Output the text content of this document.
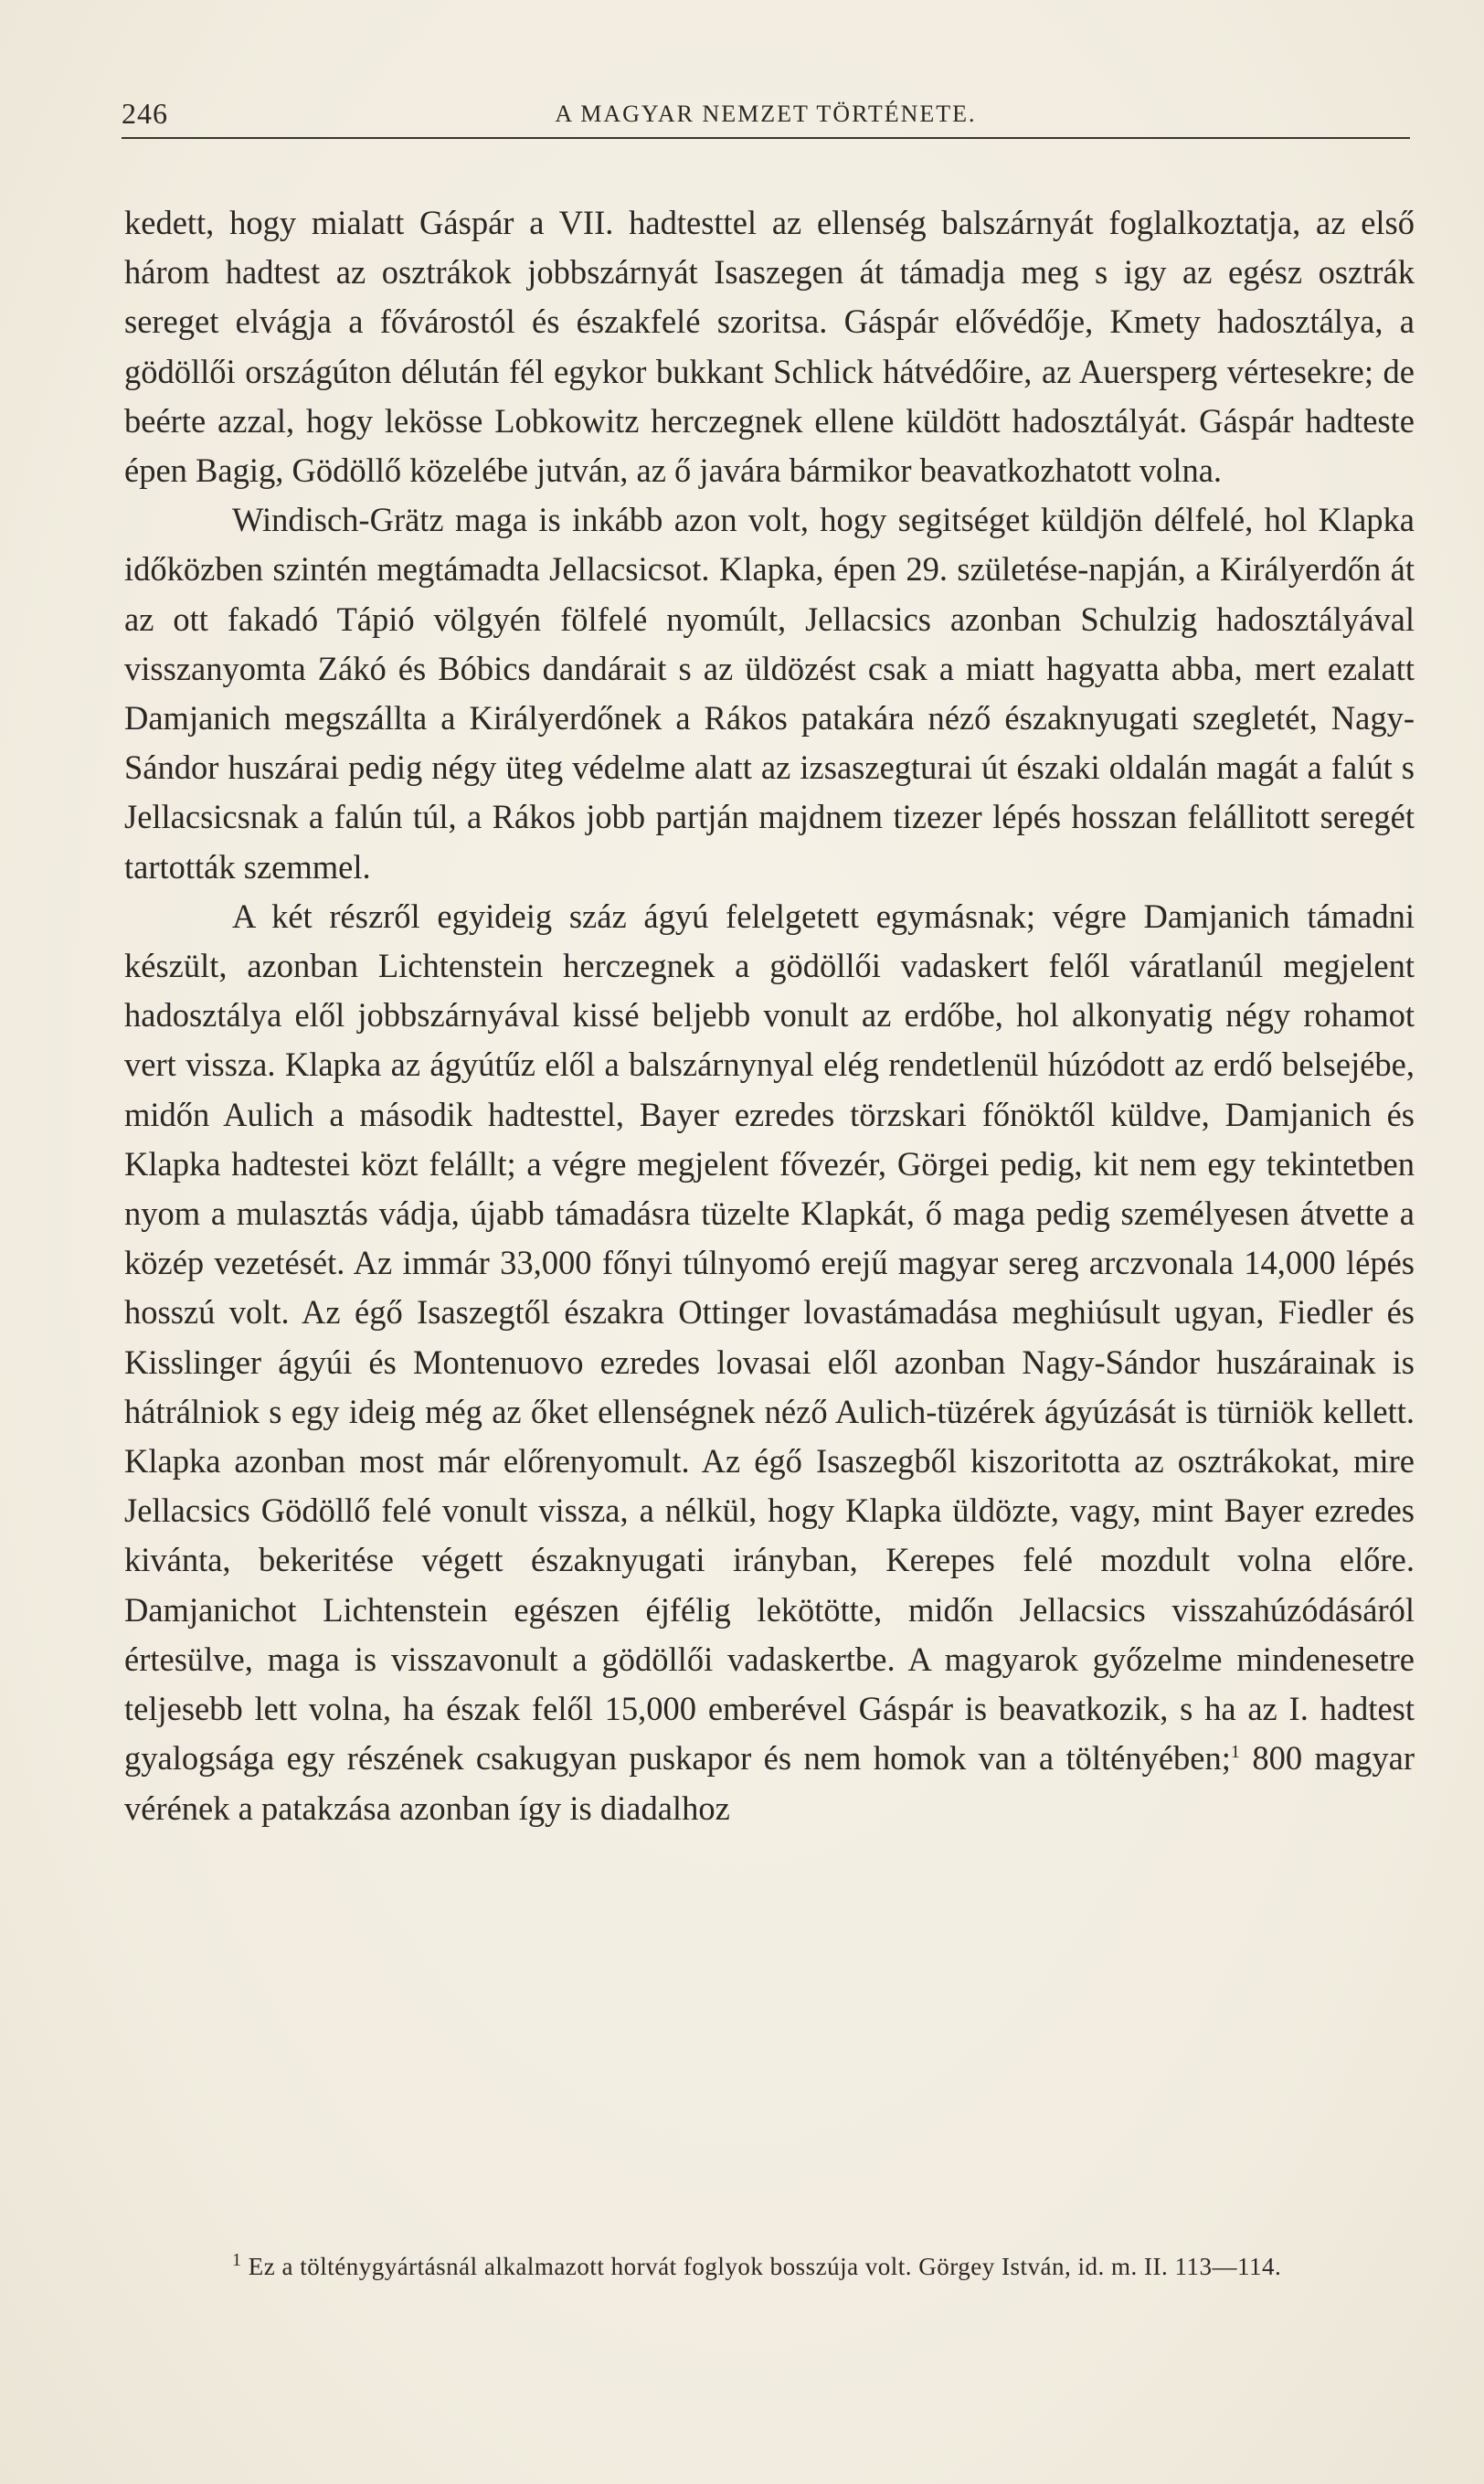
246	A MAGYAR NEMZET TÖRTÉNETE.

kedett, hogy mialatt Gáspár a VII. hadtesttel az ellenség balszárnyát foglalkoztatja, az első három hadtest az osztrákok jobbszárnyát Isaszegen át támadja meg s igy az egész osztrák sereget elvágja a fővárostól és északfelé szoritsa. Gáspár elővédője, Kmety hadosztálya, a gödöllői országúton délután fél egykor bukkant Schlick hátvédőire, az Auersperg vértesekre; de beérte azzal, hogy lekösse Lobkowitz herczegnek ellene küldött hadosztályát. Gáspár hadteste épen Bagig, Gödöllő közelébe jutván, az ő javára bármikor beavatkozhatott volna.

Windisch-Grätz maga is inkább azon volt, hogy segitséget küldjön délfelé, hol Klapka időközben szintén megtámadta Jellacsicsot. Klapka, épen 29. születése-napján, a Királyerdőn át az ott fakadó Tápió völgyén fölfelé nyomúlt, Jellacsics azonban Schulzig hadosztályával visszanyomta Zákó és Bóbics dandárait s az üldözést csak a miatt hagyatta abba, mert ezalatt Damjanich megszállta a Királyerdőnek a Rákos patakára néző északnyugati szegletét, Nagy-Sándor huszárai pedig négy üteg védelme alatt az izsaszegturai út északi oldalán magát a falút s Jellacsicsnak a falún túl, a Rákos jobb partján majdnem tizezer lépés hosszan felállitott seregét tartották szemmel.

A két részről egyideig száz ágyú felelgetett egymásnak; végre Damjanich támadni készült, azonban Lichtenstein herczegnek a gödöllői vadaskert felől váratlanúl megjelent hadosztálya elől jobbszárnyával kissé beljebb vonult az erdőbe, hol alkonyatig négy rohamot vert vissza. Klapka az ágyútűz elől a balszárnynyal elég rendetlenül húzódott az erdő belsejébe, midőn Aulich a második hadtesttel, Bayer ezredes törzskari főnöktől küldve, Damjanich és Klapka hadtestei közt felállt; a végre megjelent fővezér, Görgei pedig, kit nem egy tekintetben nyom a mulasztás vádja, újabb támadásra tüzelte Klapkát, ő maga pedig személyesen átvette a közép vezetését. Az immár 33,000 főnyi túlnyomó erejű magyar sereg arczvonala 14,000 lépés hosszú volt. Az égő Isaszegtől északra Ottinger lovastámadása meghiúsult ugyan, Fiedler és Kisslinger ágyúi és Montenuovo ezredes lovasai elől azonban Nagy-Sándor huszárainak is hátrálniok s egy ideig még az őket ellenségnek néző Aulich-tüzérek ágyúzását is türniök kellett. Klapka azonban most már előrenyomult. Az égő Isaszegből kiszoritotta az osztrákokat, mire Jellacsics Gödöllő felé vonult vissza, a nélkül, hogy Klapka üldözte, vagy, mint Bayer ezredes kivánta, bekeritése végett északnyugati irányban, Kerepes felé mozdult volna előre. Damjanichot Lichtenstein egészen éjfélig lekötötte, midőn Jellacsics visszahúzódásáról értesülve, maga is visszavonult a gödöllői vadaskertbe. A magyarok győzelme mindenesetre teljesebb lett volna, ha észak felől 15,000 emberével Gáspár is beavatkozik, s ha az I. hadtest gyalogsága egy részének csakugyan puskapor és nem homok van a töltényében;$^1$ 800 magyar vérének a patakzása azonban így is diadalhoz

$^1$ Ez a tölténygyártásnál alkalmazott horvát foglyok bosszúja volt. Görgey István, id. m. II. 113—114.
